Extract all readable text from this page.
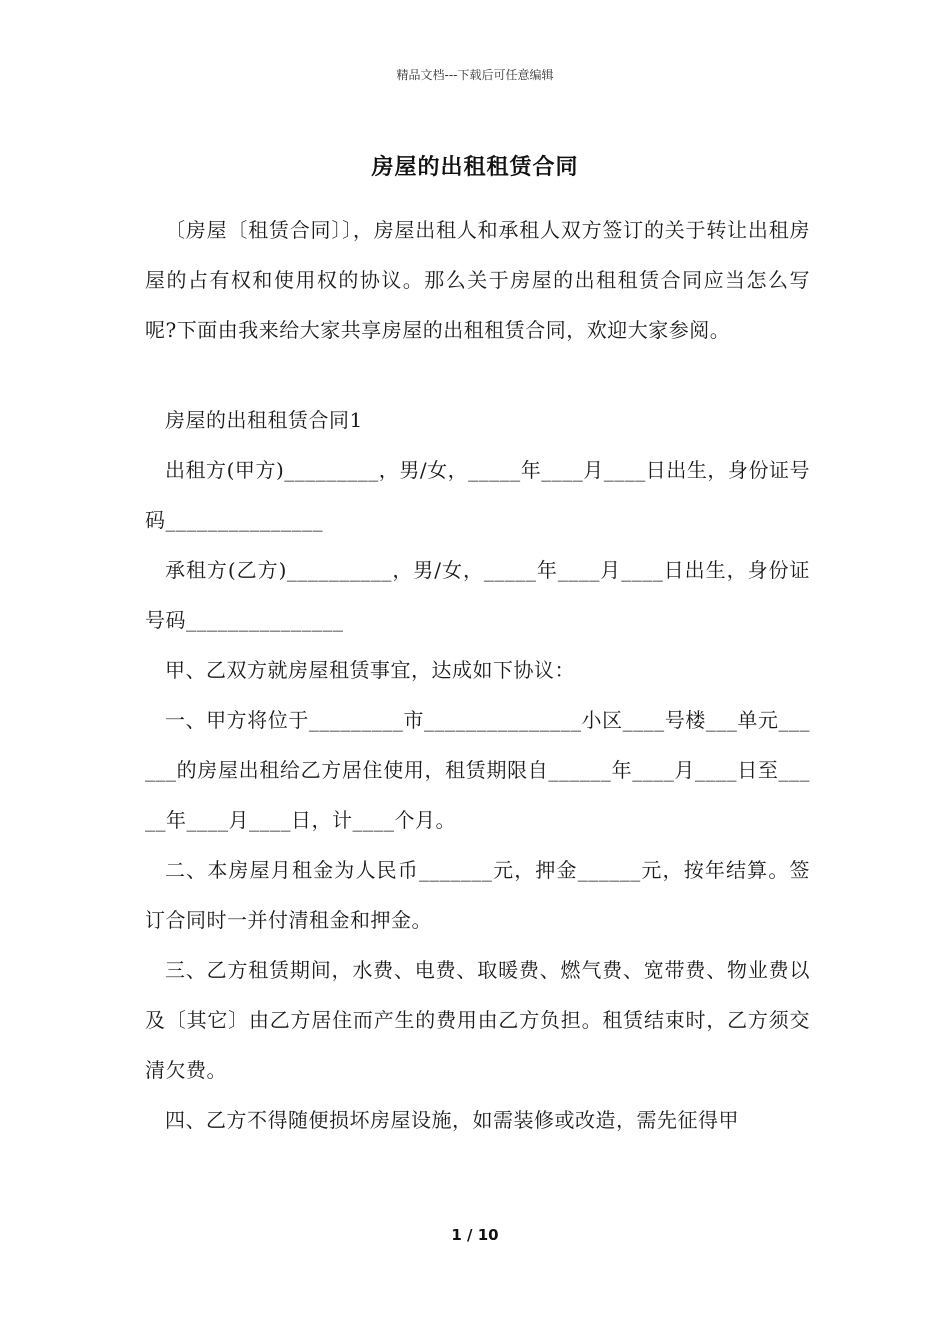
精品文档---下载后可任意编辑
房屋的出租租赁合同

〔房屋〔租赁合同〕〕，房屋出租人和承租人双方签订的关于转让出租房屋的占有权和使用权的协议。那么关于房屋的出租租赁合同应当怎么写呢?下面由我来给大家共享房屋的出租租赁合同，欢迎大家参阅。

房屋的出租租赁合同1

出租方(甲方)_________，男/女，_____年____月____日出生，身份证号码_______________

承租方(乙方)__________，男/女，_____年____月____日出生，身份证号码_______________

甲、乙双方就房屋租赁事宜，达成如下协议：

一、甲方将位于_________市_______________小区____号楼___单元______的房屋出租给乙方居住使用，租赁期限自______年____月____日至_____年____月____日，计____个月。

二、本房屋月租金为人民币_______元，押金______元，按年结算。签订合同时一并付清租金和押金。

三、乙方租赁期间，水费、电费、取暖费、燃气费、宽带费、物业费以及〔其它〕由乙方居住而产生的费用由乙方负担。租赁结束时，乙方须交清欠费。

四、乙方不得随便损坏房屋设施，如需装修或改造，需先征得甲

1 / 10
